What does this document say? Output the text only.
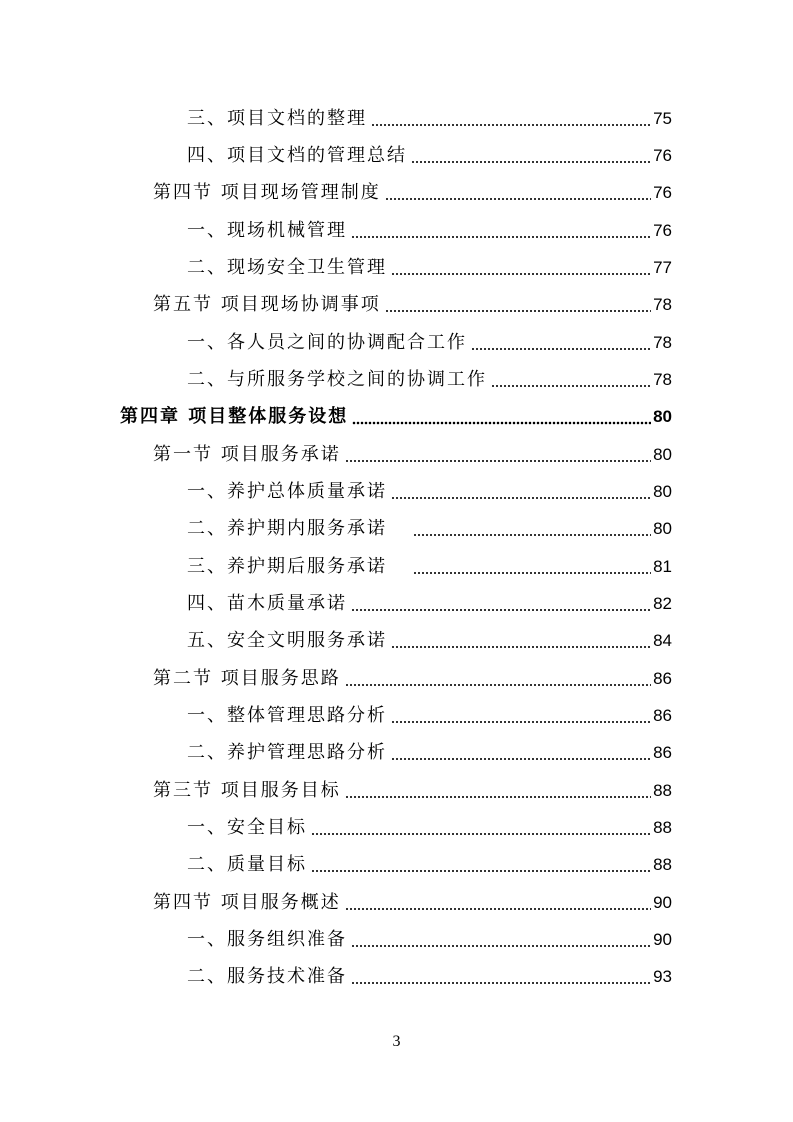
三、项目文档的整理	75
四、项目文档的管理总结	76
第四节 项目现场管理制度	76
一、现场机械管理	76
二、现场安全卫生管理	77
第五节 项目现场协调事项	78
一、各人员之间的协调配合工作	78
二、与所服务学校之间的协调工作	78
第四章 项目整体服务设想	80
第一节 项目服务承诺	80
一、养护总体质量承诺	80
二、养护期内服务承诺	80
三、养护期后服务承诺	81
四、苗木质量承诺	82
五、安全文明服务承诺	84
第二节 项目服务思路	86
一、整体管理思路分析	86
二、养护管理思路分析	86
第三节 项目服务目标	88
一、安全目标	88
二、质量目标	88
第四节 项目服务概述	90
一、服务组织准备	90
二、服务技术准备	93
3
